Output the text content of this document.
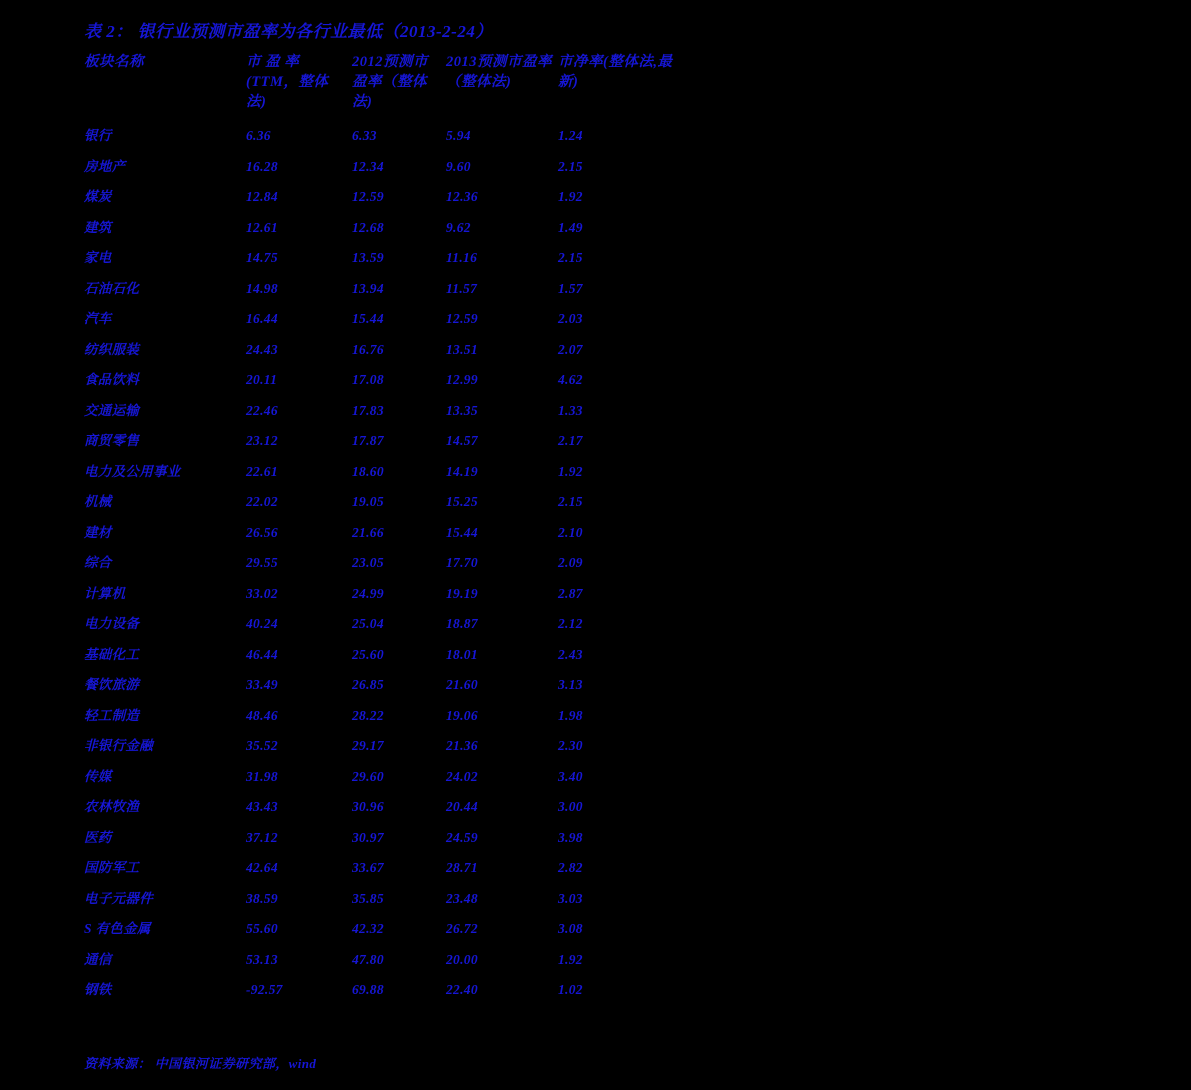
表 2： 银行业预测市盈率为各行业最低（2013-2-24）
板块名称	市 盈 率(TTM，整体法)	2012预测市盈率（整体法)	2013预测市盈率（整体法)	市净率(整体法,最新)
银行	6.36	6.33	5.94	1.24
房地产	16.28	12.34	9.60	2.15
煤炭	12.84	12.59	12.36	1.92
建筑	12.61	12.68	9.62	1.49
家电	14.75	13.59	11.16	2.15
石油石化	14.98	13.94	11.57	1.57
汽车	16.44	15.44	12.59	2.03
纺织服装	24.43	16.76	13.51	2.07
食品饮料	20.11	17.08	12.99	4.62
交通运输	22.46	17.83	13.35	1.33
商贸零售	23.12	17.87	14.57	2.17
电力及公用事业	22.61	18.60	14.19	1.92
机械	22.02	19.05	15.25	2.15
建材	26.56	21.66	15.44	2.10
综合	29.55	23.05	17.70	2.09
计算机	33.02	24.99	19.19	2.87
电力设备	40.24	25.04	18.87	2.12
基础化工	46.44	25.60	18.01	2.43
餐饮旅游	33.49	26.85	21.60	3.13
轻工制造	48.46	28.22	19.06	1.98
非银行金融	35.52	29.17	21.36	2.30
传媒	31.98	29.60	24.02	3.40
农林牧渔	43.43	30.96	20.44	3.00
医药	37.12	30.97	24.59	3.98
国防军工	42.64	33.67	28.71	2.82
电子元器件	38.59	35.85	23.48	3.03
S 有色金属	55.60	42.32	26.72	3.08
通信	53.13	47.80	20.00	1.92
钢铁	-92.57	69.88	22.40	1.02
资料来源： 中国银河证券研究部，wind
